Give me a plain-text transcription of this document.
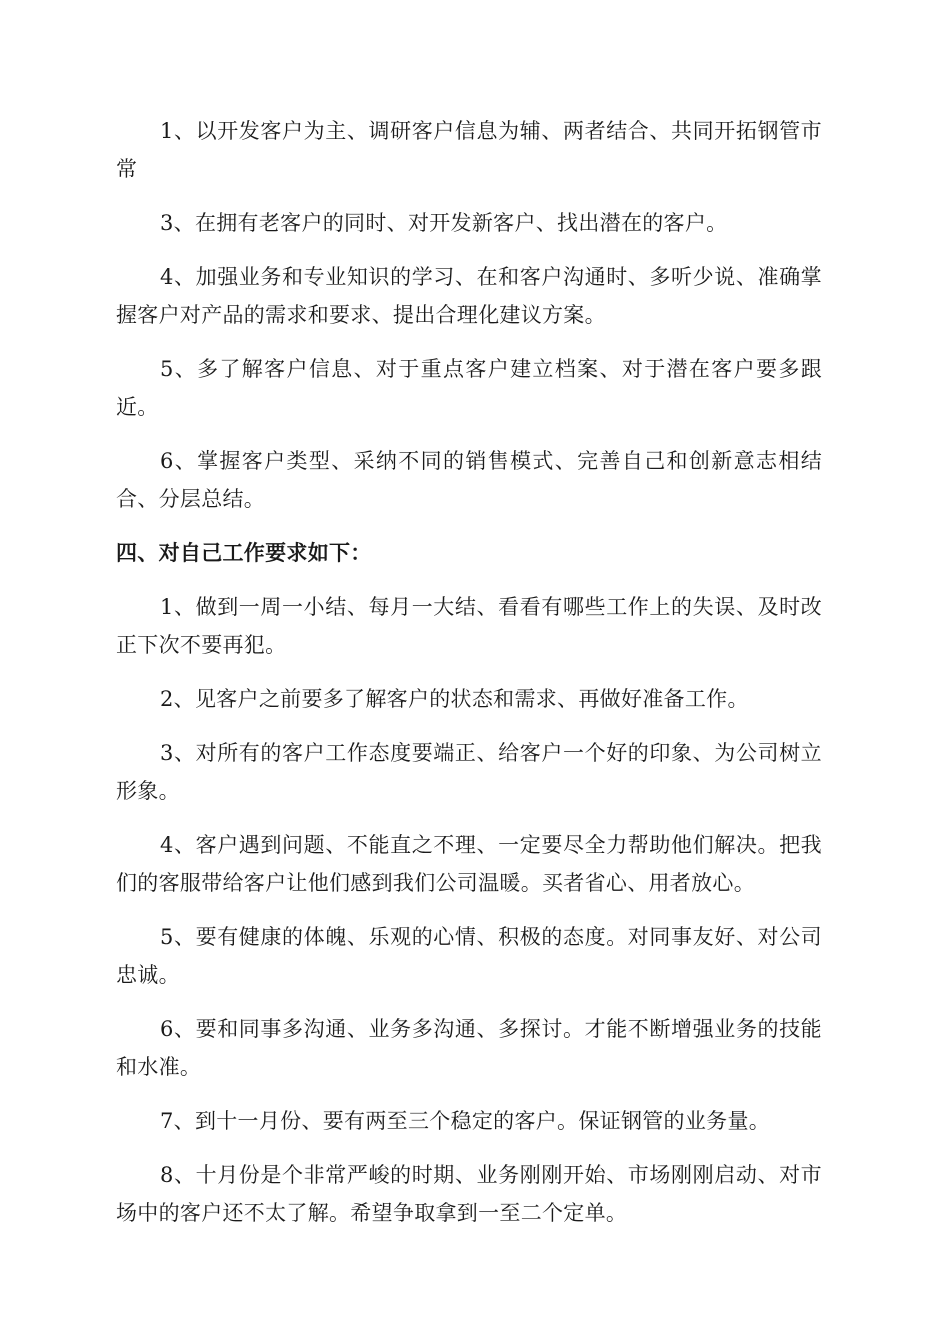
1、以开发客户为主、调研客户信息为辅、两者结合、共同开拓钢管市常

3、在拥有老客户的同时、对开发新客户、找出潜在的客户。

4、加强业务和专业知识的学习、在和客户沟通时、多听少说、准确掌握客户对产品的需求和要求、提出合理化建议方案。

5、多了解客户信息、对于重点客户建立档案、对于潜在客户要多跟近。

6、掌握客户类型、采纳不同的销售模式、完善自己和创新意志相结合、分层总结。

四、对自己工作要求如下：

1、做到一周一小结、每月一大结、看看有哪些工作上的失误、及时改正下次不要再犯。

2、见客户之前要多了解客户的状态和需求、再做好准备工作。

3、对所有的客户工作态度要端正、给客户一个好的印象、为公司树立形象。

4、客户遇到问题、不能直之不理、一定要尽全力帮助他们解决。把我们的客服带给客户让他们感到我们公司温暖。买者省心、用者放心。

5、要有健康的体魄、乐观的心情、积极的态度。对同事友好、对公司忠诚。

6、要和同事多沟通、业务多沟通、多探讨。才能不断增强业务的技能和水准。

7、到十一月份、要有两至三个稳定的客户。保证钢管的业务量。

8、十月份是个非常严峻的时期、业务刚刚开始、市场刚刚启动、对市场中的客户还不太了解。希望争取拿到一至二个定单。
